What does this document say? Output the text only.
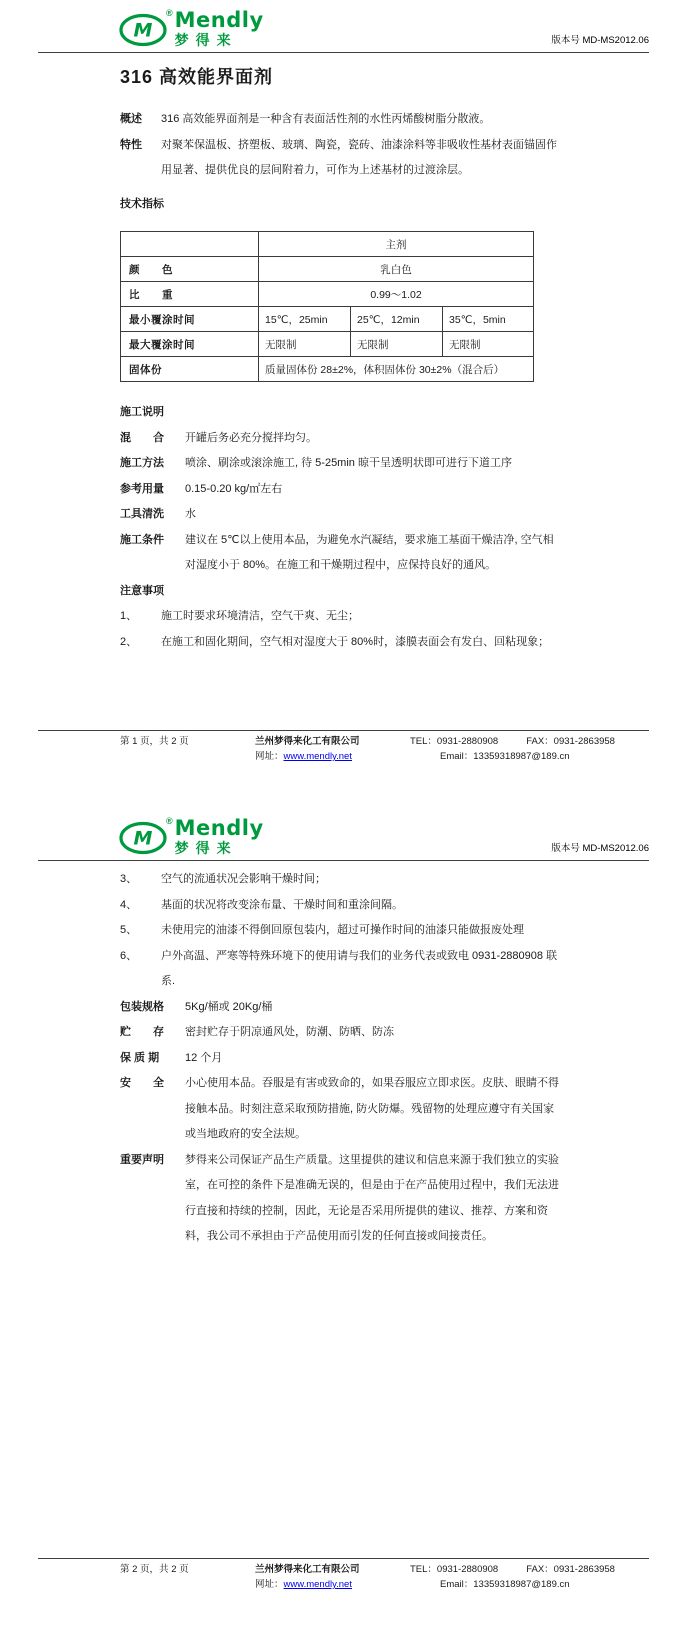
M
® Mendly
梦得来	版本号 MD-MS2012.06
316 高效能界面剂
概述	316 高效能界面剂是一种含有表面活性剂的水性丙烯酸树脂分散液。
特性	对聚苯保温板、挤塑板、玻璃、陶瓷，瓷砖、油漆涂料等非吸收性基材表面锚固作用显著、提供优良的层间附着力，可作为上述基材的过渡涂层。
技术指标
	主剂		
颜　　色	乳白色		
比　　重	0.99～1.02		
最小覆涂时间	15℃，25min	25℃，12min	35℃，5min
最大覆涂时间	无限制	无限制	无限制
固体份	质量固体份 28±2%，体积固体份 30±2%（混合后）		
施工说明
混　　合	开罐后务必充分搅拌均匀。
施工方法	喷涂、刷涂或滚涂施工, 待 5-25min 晾干呈透明状即可进行下道工序
参考用量	0.15-0.20 kg/㎡左右
工具清洗	水
施工条件	建议在 5℃以上使用本品，为避免水汽凝结，要求施工基面干燥洁净, 空气相对湿度小于 80%。在施工和干燥期过程中，应保持良好的通风。
注意事项
1、	施工时要求环境清洁，空气干爽、无尘；
2、	在施工和固化期间，空气相对湿度大于 80%时，漆膜表面会有发白、回粘现象；
第 1 页，共 2 页	兰州梦得来化工有限公司
网址：www.mendly.net
TEL：0931-2880908	FAX：0931-2863958
Email：13359318987@189.cn
M
® Mendly
梦得来	版本号 MD-MS2012.06
3、	空气的流通状况会影响干燥时间；
4、	基面的状况将改变涂布量、干燥时间和重涂间隔。
5、	未使用完的油漆不得倒回原包装内，超过可操作时间的油漆只能做报废处理
6、	户外高温、严寒等特殊环境下的使用请与我们的业务代表或致电 0931-2880908 联系.
包装规格	5Kg/桶或 20Kg/桶
贮　　存	密封贮存于阴凉通风处，防潮、防晒、防冻
保 质 期	12 个月
安　　全	小心使用本品。吞服是有害或致命的，如果吞服应立即求医。皮肤、眼睛不得接触本品。时刻注意采取预防措施, 防火防爆。残留物的处理应遵守有关国家或当地政府的安全法规。
重要声明	梦得来公司保证产品生产质量。这里提供的建议和信息来源于我们独立的实验室，在可控的条件下是准确无误的，但是由于在产品使用过程中，我们无法进行直接和持续的控制，因此，无论是否采用所提供的建议、推荐、方案和资料，我公司不承担由于产品使用而引发的任何直接或间接责任。
第 2 页，共 2 页	兰州梦得来化工有限公司
网址：www.mendly.net
TEL：0931-2880908	FAX：0931-2863958
Email：13359318987@189.cn
